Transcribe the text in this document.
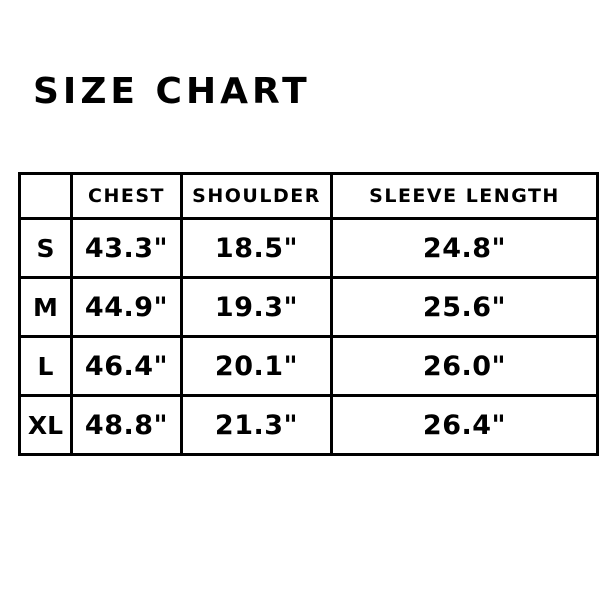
SIZE CHART
	CHEST	SHOULDER	SLEEVE LENGTH
S	43.3"	18.5"	24.8"
M	44.9"	19.3"	25.6"
L	46.4"	20.1"	26.0"
XL	48.8"	21.3"	26.4"
